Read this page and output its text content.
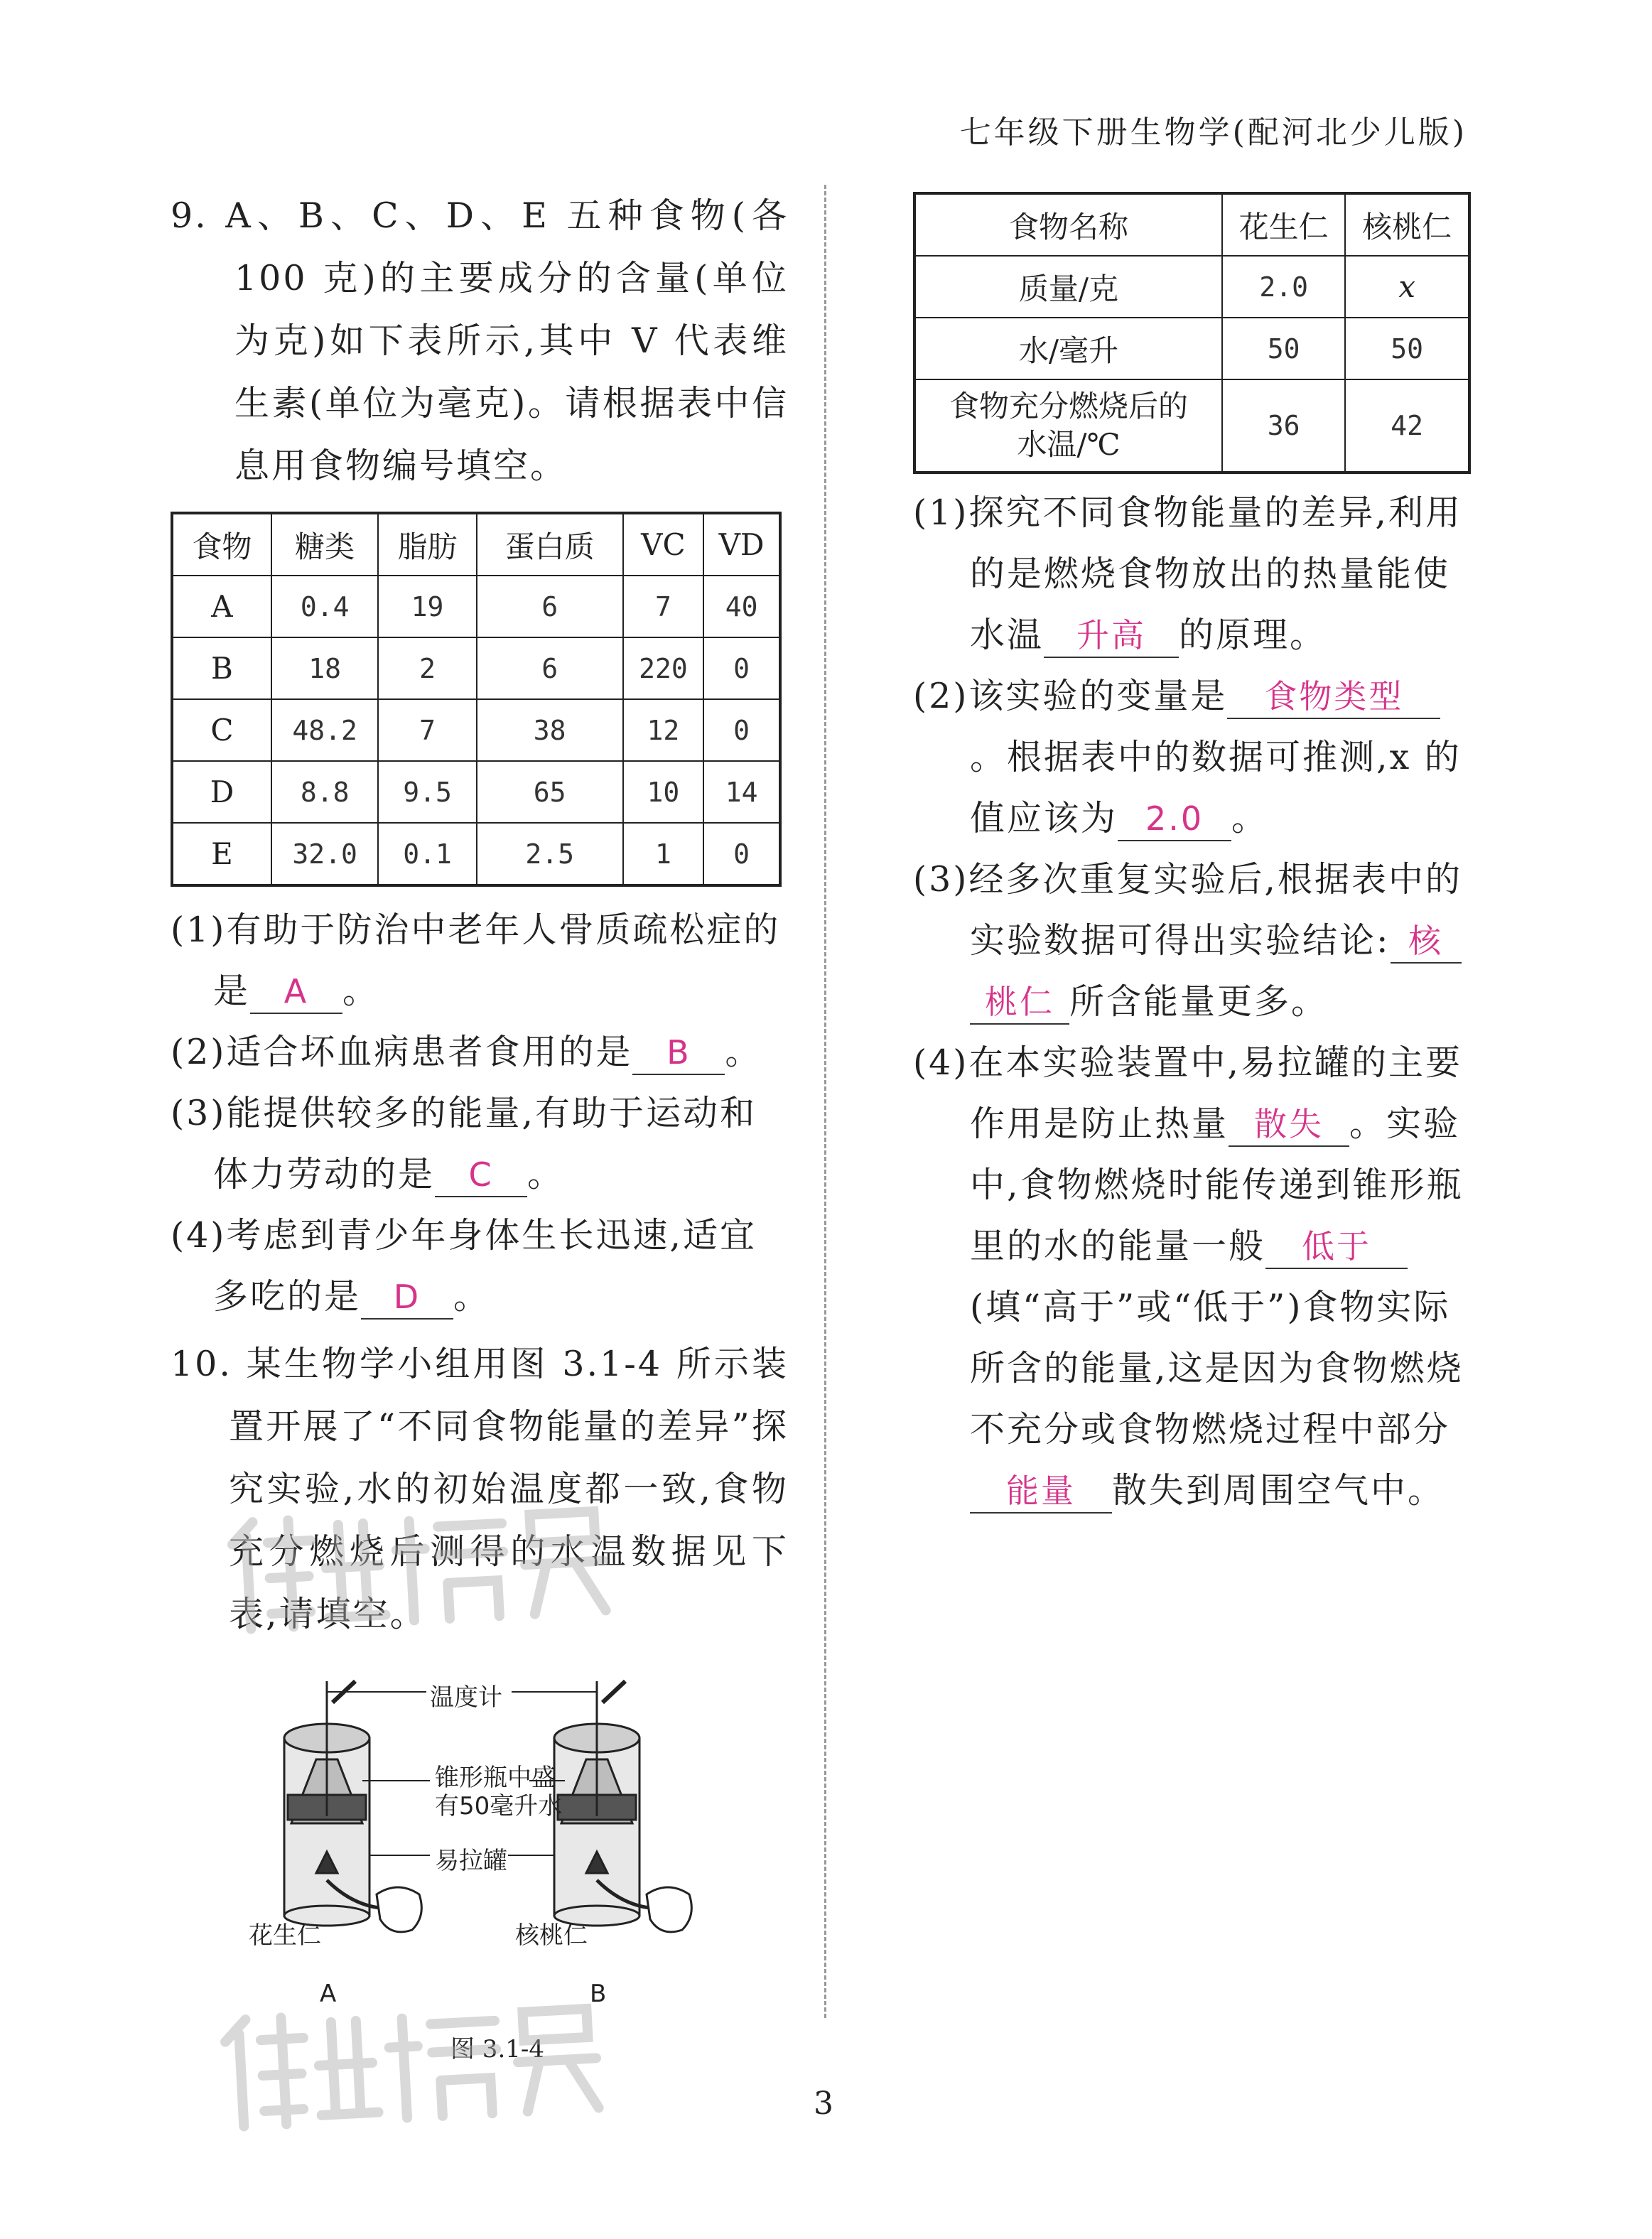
七年级下册生物学(配河北少儿版)
9. A、B、C、D、E 五种食物(各 100 克)的主要成分的含量(单位为克)如下表所示,其中 V 代表维生素(单位为毫克)。请根据表中信息用食物编号填空。
食物	糖类	脂肪	蛋白质	VC	VD
A	0.4	19	6	7	40
B	18	2	6	220	0
C	48.2	7	38	12	0
D	8.8	9.5	65	10	14
E	32.0	0.1	2.5	1	0
(1)有助于防治中老年人骨质疏松症的是 A 。
(2)适合坏血病患者食用的是 B 。
(3)能提供较多的能量,有助于运动和体力劳动的是 C 。
(4)考虑到青少年身体生长迅速,适宜多吃的是 D 。
10. 某生物学小组用图 3.1-4 所示装置开展了“不同食物能量的差异”探究实验,水的初始温度都一致,食物充分燃烧后测得的水温数据见下表,请填空。
温度计
锥形瓶中盛
有50毫升水
易拉罐
花生仁	核桃仁
A	B
图 3.1-4
食物名称	花生仁	核桃仁
质量/克	2.0	x
水/毫升	50	50
食物充分燃烧后的水温/℃	36	42
(1)探究不同食物能量的差异,利用的是燃烧食物放出的热量能使水温 升高 的原理。
(2)该实验的变量是 食物类型。根据表中的数据可推测,x 的值应该为 2.0 。
(3)经多次重复实验后,根据表中的实验数据可得出实验结论: 核桃仁 所含能量更多。
(4)在本实验装置中,易拉罐的主要作用是防止热量 散失 。实验中,食物燃烧时能传递到锥形瓶里的水的能量一般 低于(填“高于”或“低于”)食物实际所含的能量,这是因为食物燃烧不充分或食物燃烧过程中部分能量 散失到周围空气中。
3
